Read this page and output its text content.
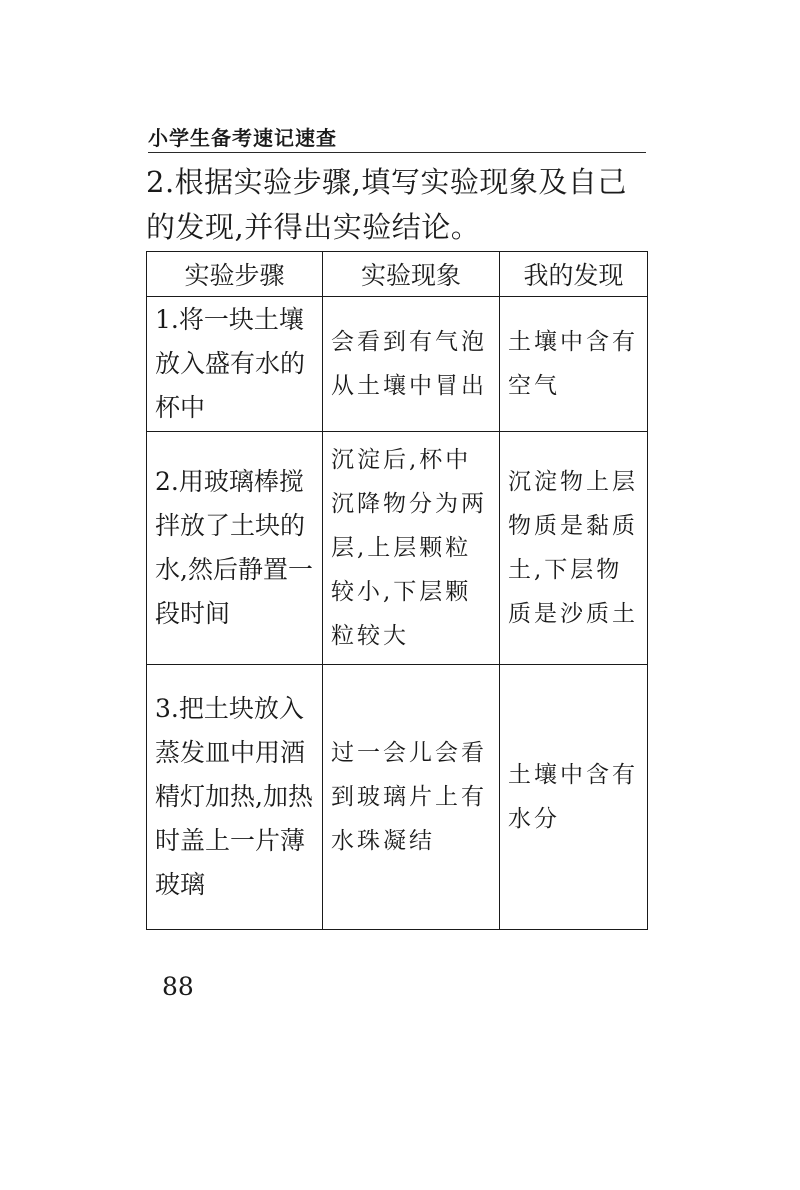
小学生备考速记速查
2.根据实验步骤,填写实验现象及自己的发现,并得出实验结论。
实验步骤	实验现象	我的发现
1.将一块土壤放入盛有水的杯中	会看到有气泡从土壤中冒出	土壤中含有空气
2.用玻璃棒搅拌放了土块的水,然后静置一段时间	沉淀后,杯中沉降物分为两层,上层颗粒较小,下层颗粒较大	沉淀物上层物质是黏质土,下层物质是沙质土
3.把土块放入蒸发皿中用酒精灯加热,加热时盖上一片薄玻璃	过一会儿会看到玻璃片上有水珠凝结	土壤中含有水分
88
